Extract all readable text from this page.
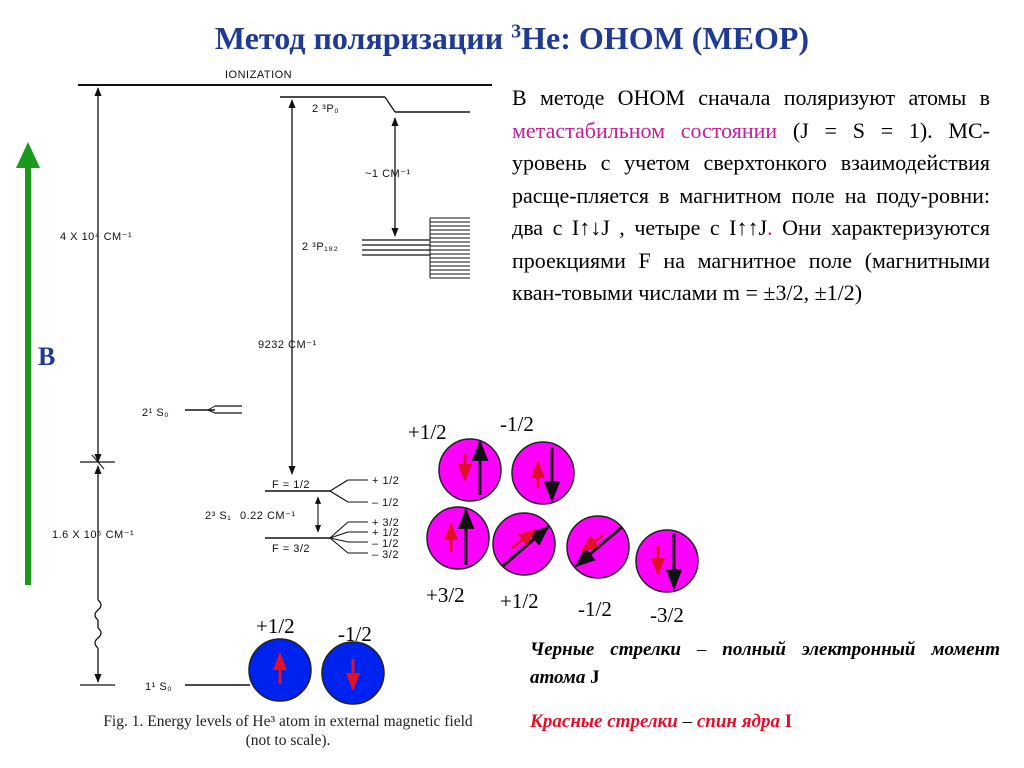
Метод поляризации $^3$He: OHOM (MEOP)
IONIZATION
4 X 10⁴ CM⁻¹
1.6 X 10⁵ CM⁻¹
2 ³P₀
~1 CM⁻¹
2 ³P₁₈₂
9232 CM⁻¹
2¹ S₀
F = 1/2
F = 3/2
2³ S₁ 0.22 CM⁻¹
+ 1/2
– 1/2
+ 3/2
+ 1/2
– 1/2
– 3/2
1¹ S₀
B
В методе ОНОМ сначала поляризуют атомы в метастабильном состоянии (J = S = 1). МС-уровень с учетом сверхтонкого взаимодействия расще-пляется в магнитном поле на поду-ровни: два с I↑↓J , четыре с I↑↑J. Они характеризуются проекциями F на магнитное поле (магнитными кван-товыми числами m = ±3/2, ±1/2)
+1/2	-1/2
+3/2 +1/2 -1/2 -3/2
+1/2 -1/2
Fig. 1. Energy levels of He³ atom in external magnetic field
(not to scale).
Черные стрелки – полный электронный момент атома J
Красные стрелки – спин ядра I
